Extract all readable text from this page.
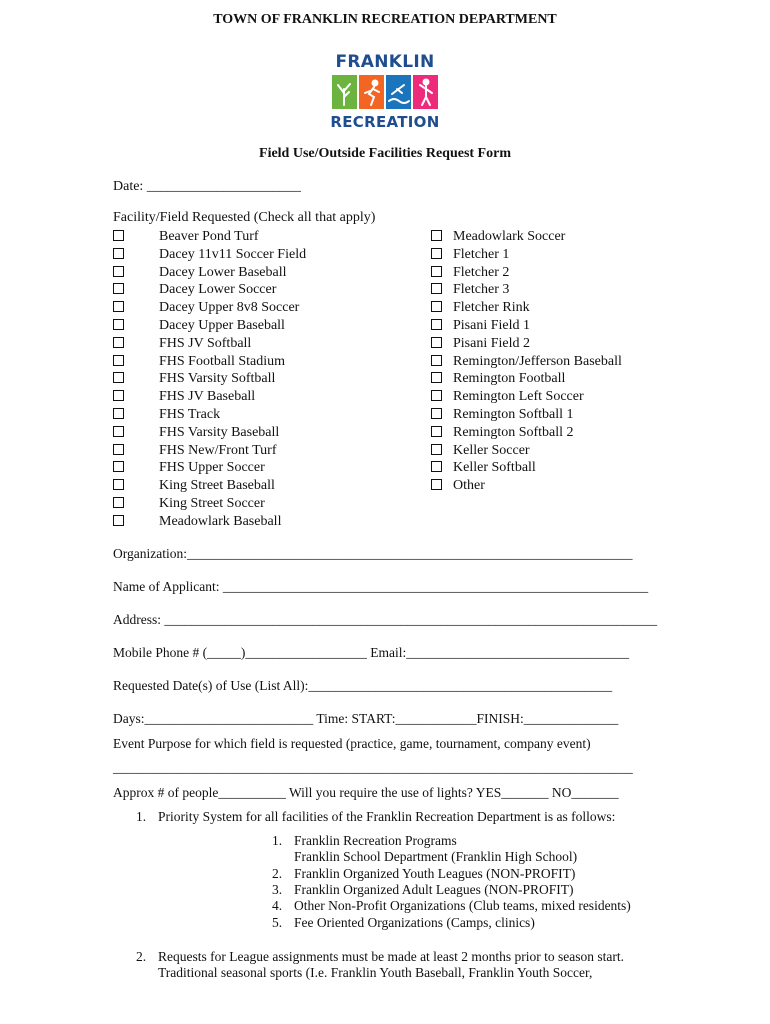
TOWN OF FRANKLIN RECREATION DEPARTMENT
FRANKLIN
RECREATION
Field Use/Outside Facilities Request Form
Date: ______________________
Facility/Field Requested (Check all that apply)
Beaver Pond Turf
Dacey 11v11 Soccer Field
Dacey Lower Baseball
Dacey Lower Soccer
Dacey Upper 8v8 Soccer
Dacey Upper Baseball
FHS JV Softball
FHS Football Stadium
FHS Varsity Softball
FHS JV Baseball
FHS Track
FHS Varsity Baseball
FHS New/Front Turf
FHS Upper Soccer
King Street Baseball
King Street Soccer
Meadowlark Baseball
Meadowlark Soccer
Fletcher 1
Fletcher 2
Fletcher 3
Fletcher Rink
Pisani Field 1
Pisani Field 2
Remington/Jefferson Baseball
Remington Football
Remington Left Soccer
Remington Softball 1
Remington Softball 2
Keller Soccer
Keller Softball
Other
Organization:__________________________________________________________________
Name of Applicant: _______________________________________________________________
Address: _________________________________________________________________________
Mobile Phone # (_____)__________________ Email:_________________________________
Requested Date(s) of Use (List All):_____________________________________________
Days:_________________________ Time: START:____________FINISH:______________
Event Purpose for which field is requested (practice, game, tournament, company event)
_____________________________________________________________________________
Approx # of people__________ Will you require the use of lights? YES_______ NO_______
1. Priority System for all facilities of the Franklin Recreation Department is as follows:
1. Franklin Recreation Programs
Franklin School Department (Franklin High School)
2. Franklin Organized Youth Leagues (NON-PROFIT)
3. Franklin Organized Adult Leagues (NON-PROFIT)
4. Other Non-Profit Organizations (Club teams, mixed residents)
5. Fee Oriented Organizations (Camps, clinics)
2. Requests for League assignments must be made at least 2 months prior to season start.
Traditional seasonal sports (I.e. Franklin Youth Baseball, Franklin Youth Soccer,
